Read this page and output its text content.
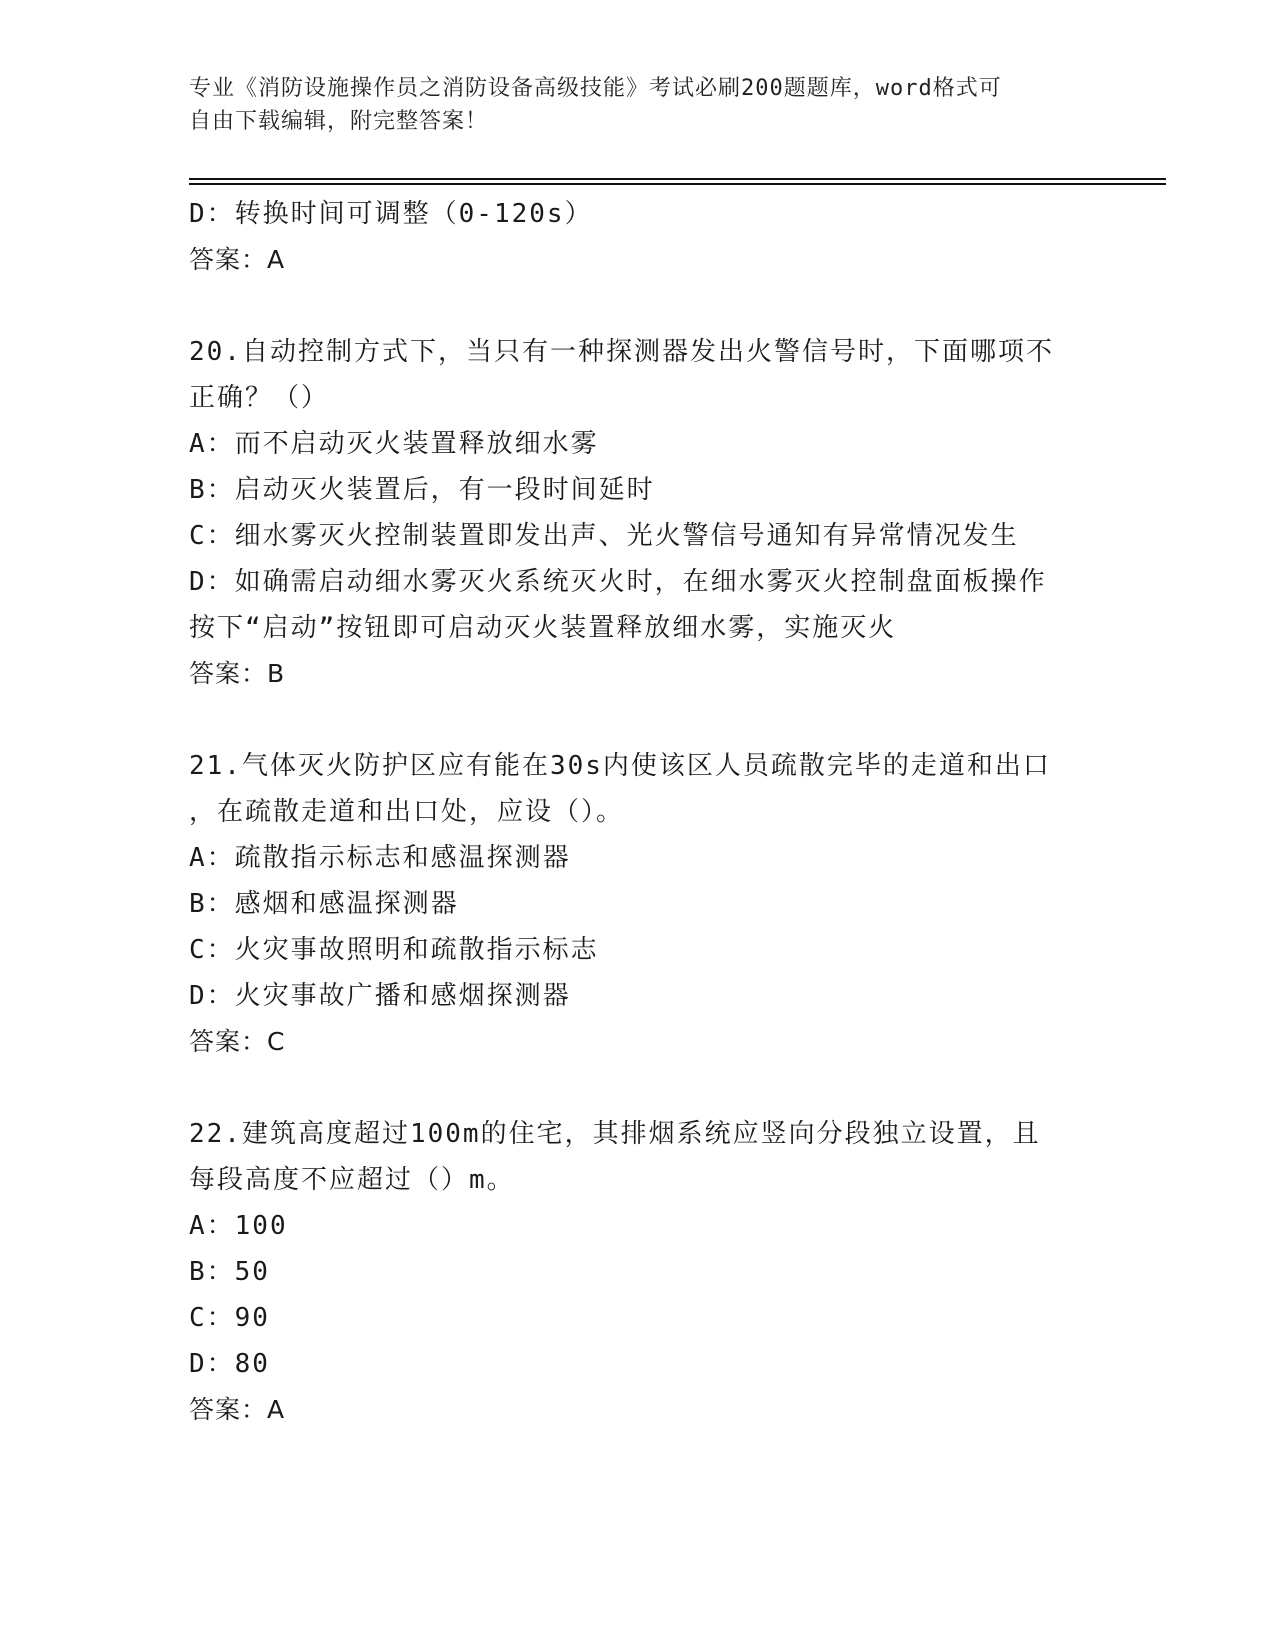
专业《消防设施操作员之消防设备高级技能》考试必刷200题题库，word格式可
自由下载编辑，附完整答案！
D：转换时间可调整（0-120s）
答案：A
20.自动控制方式下，当只有一种探测器发出火警信号时，下面哪项不
正确？（）
A：而不启动灭火装置释放细水雾
B：启动灭火装置后，有一段时间延时
C：细水雾灭火控制装置即发出声、光火警信号通知有异常情况发生
D：如确需启动细水雾灭火系统灭火时，在细水雾灭火控制盘面板操作
按下“启动”按钮即可启动灭火装置释放细水雾，实施灭火
答案：B
21.气体灭火防护区应有能在30s内使该区人员疏散完毕的走道和出口
，在疏散走道和出口处，应设（）。
A：疏散指示标志和感温探测器
B：感烟和感温探测器
C：火灾事故照明和疏散指示标志
D：火灾事故广播和感烟探测器
答案：C
22.建筑高度超过100m的住宅，其排烟系统应竖向分段独立设置，且
每段高度不应超过（）m。
A：100
B：50
C：90
D：80
答案：A
